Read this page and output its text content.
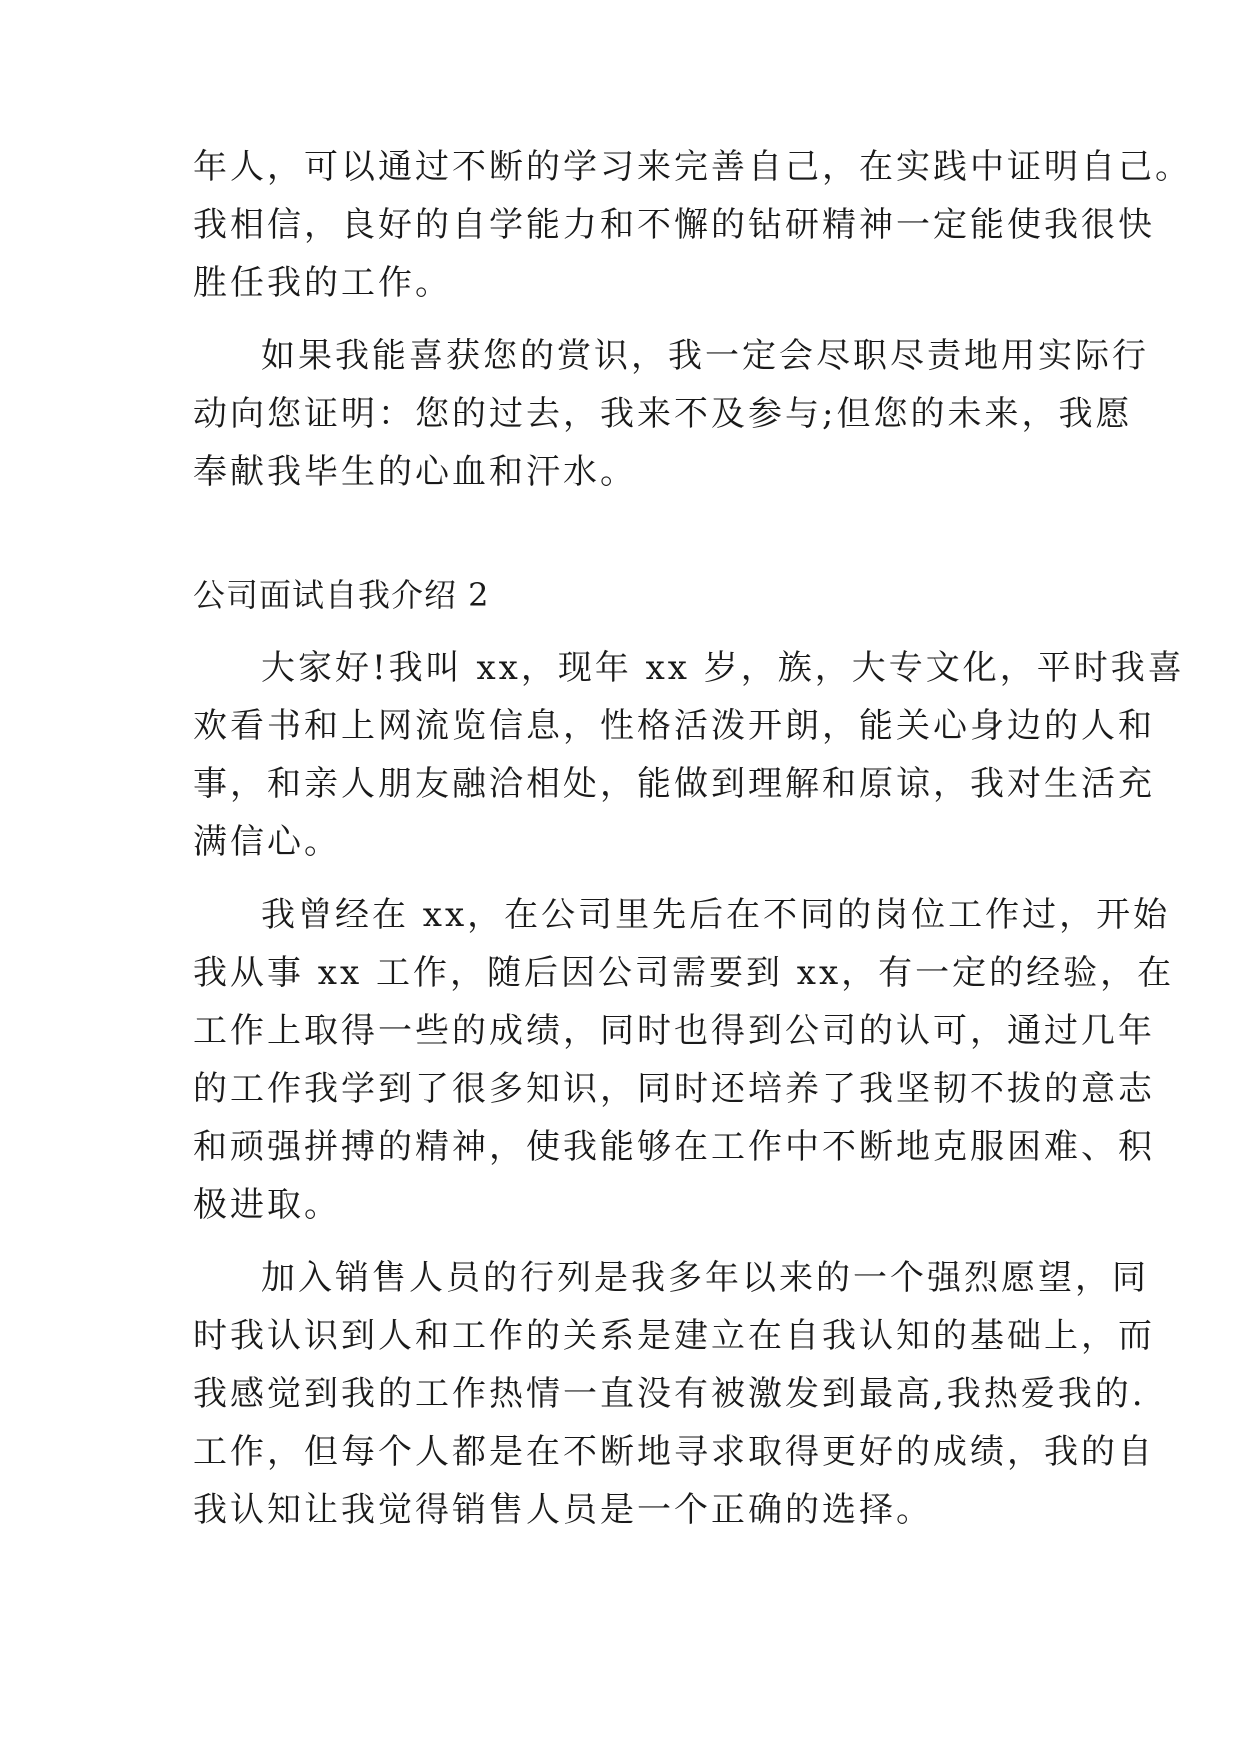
年人，可以通过不断的学习来完善自己，在实践中证明自己。
我相信，良好的自学能力和不懈的钻研精神一定能使我很快
胜任我的工作。
如果我能喜获您的赏识，我一定会尽职尽责地用实际行
动向您证明：您的过去，我来不及参与;但您的未来，我愿
奉献我毕生的心血和汗水。
公司面试自我介绍 2
大家好!我叫 xx，现年 xx 岁，族，大专文化，平时我喜
欢看书和上网流览信息，性格活泼开朗，能关心身边的人和
事，和亲人朋友融洽相处，能做到理解和原谅，我对生活充
满信心。
我曾经在 xx，在公司里先后在不同的岗位工作过，开始
我从事 xx 工作，随后因公司需要到 xx，有一定的经验，在
工作上取得一些的成绩，同时也得到公司的认可，通过几年
的工作我学到了很多知识，同时还培养了我坚韧不拔的意志
和顽强拼搏的精神，使我能够在工作中不断地克服困难、积
极进取。
加入销售人员的行列是我多年以来的一个强烈愿望，同
时我认识到人和工作的关系是建立在自我认知的基础上，而
我感觉到我的工作热情一直没有被激发到最高,我热爱我的.
工作，但每个人都是在不断地寻求取得更好的成绩，我的自
我认知让我觉得销售人员是一个正确的选择。
